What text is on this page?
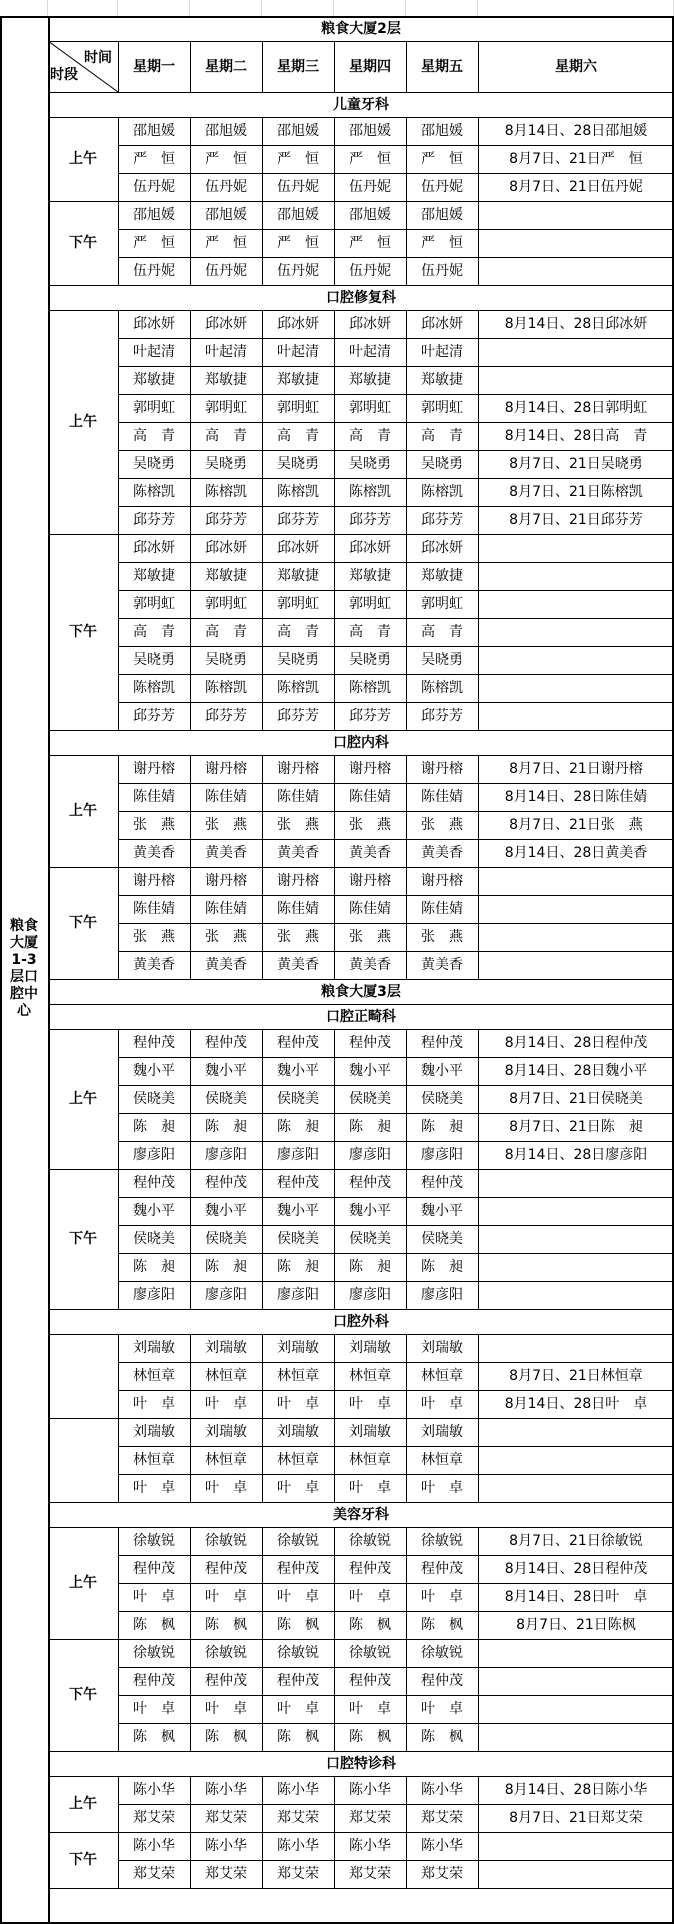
粮食大厦1-3层口腔中心
粮食大厦2层
时间
时段
星期一	星期二	星期三	星期四	星期五	星期六
儿童牙科
上午
邵旭媛	邵旭媛	邵旭媛	邵旭媛	邵旭媛	8月14日、28日邵旭媛
严　恒	严　恒	严　恒	严　恒	严　恒	8月7日、21日严　恒
伍丹妮	伍丹妮	伍丹妮	伍丹妮	伍丹妮	8月7日、21日伍丹妮
下午
邵旭媛	邵旭媛	邵旭媛	邵旭媛	邵旭媛
严　恒	严　恒	严　恒	严　恒	严　恒
伍丹妮	伍丹妮	伍丹妮	伍丹妮	伍丹妮
口腔修复科
上午
邱冰妍	邱冰妍	邱冰妍	邱冰妍	邱冰妍	8月14日、28日邱冰妍
叶起清	叶起清	叶起清	叶起清	叶起清
郑敏捷	郑敏捷	郑敏捷	郑敏捷	郑敏捷
郭明虹	郭明虹	郭明虹	郭明虹	郭明虹	8月14日、28日郭明虹
高　青	高　青	高　青	高　青	高　青	8月14日、28日高　青
吴晓勇	吴晓勇	吴晓勇	吴晓勇	吴晓勇	8月7日、21日吴晓勇
陈榕凯	陈榕凯	陈榕凯	陈榕凯	陈榕凯	8月7日、21日陈榕凯
邱芬芳	邱芬芳	邱芬芳	邱芬芳	邱芬芳	8月7日、21日邱芬芳
下午
邱冰妍	邱冰妍	邱冰妍	邱冰妍	邱冰妍
郑敏捷	郑敏捷	郑敏捷	郑敏捷	郑敏捷
郭明虹	郭明虹	郭明虹	郭明虹	郭明虹
高　青	高　青	高　青	高　青	高　青
吴晓勇	吴晓勇	吴晓勇	吴晓勇	吴晓勇
陈榕凯	陈榕凯	陈榕凯	陈榕凯	陈榕凯
邱芬芳	邱芬芳	邱芬芳	邱芬芳	邱芬芳
口腔内科
上午
谢丹榕	谢丹榕	谢丹榕	谢丹榕	谢丹榕	8月7日、21日谢丹榕
陈佳婧	陈佳婧	陈佳婧	陈佳婧	陈佳婧	8月14日、28日陈佳婧
张　燕	张　燕	张　燕	张　燕	张　燕	8月7日、21日张　燕
黄美香	黄美香	黄美香	黄美香	黄美香	8月14日、28日黄美香
下午
谢丹榕	谢丹榕	谢丹榕	谢丹榕	谢丹榕
陈佳婧	陈佳婧	陈佳婧	陈佳婧	陈佳婧
张　燕	张　燕	张　燕	张　燕	张　燕
黄美香	黄美香	黄美香	黄美香	黄美香
粮食大厦3层
口腔正畸科
上午
程仲茂	程仲茂	程仲茂	程仲茂	程仲茂	8月14日、28日程仲茂
魏小平	魏小平	魏小平	魏小平	魏小平	8月14日、28日魏小平
侯晓美	侯晓美	侯晓美	侯晓美	侯晓美	8月7日、21日侯晓美
陈　昶	陈　昶	陈　昶	陈　昶	陈　昶	8月7日、21日陈　昶
廖彦阳	廖彦阳	廖彦阳	廖彦阳	廖彦阳	8月14日、28日廖彦阳
下午
程仲茂	程仲茂	程仲茂	程仲茂	程仲茂
魏小平	魏小平	魏小平	魏小平	魏小平
侯晓美	侯晓美	侯晓美	侯晓美	侯晓美
陈　昶	陈　昶	陈　昶	陈　昶	陈　昶
廖彦阳	廖彦阳	廖彦阳	廖彦阳	廖彦阳
口腔外科
刘瑞敏	刘瑞敏	刘瑞敏	刘瑞敏	刘瑞敏
林恒章	林恒章	林恒章	林恒章	林恒章	8月7日、21日林恒章
叶　卓	叶　卓	叶　卓	叶　卓	叶　卓	8月14日、28日叶　卓
刘瑞敏	刘瑞敏	刘瑞敏	刘瑞敏	刘瑞敏
林恒章	林恒章	林恒章	林恒章	林恒章
叶　卓	叶　卓	叶　卓	叶　卓	叶　卓
美容牙科
上午
徐敏锐	徐敏锐	徐敏锐	徐敏锐	徐敏锐	8月7日、21日徐敏锐
程仲茂	程仲茂	程仲茂	程仲茂	程仲茂	8月14日、28日程仲茂
叶　卓	叶　卓	叶　卓	叶　卓	叶　卓	8月14日、28日叶　卓
陈　枫	陈　枫	陈　枫	陈　枫	陈　枫	8月7日、21日陈枫
下午
徐敏锐	徐敏锐	徐敏锐	徐敏锐	徐敏锐
程仲茂	程仲茂	程仲茂	程仲茂	程仲茂
叶　卓	叶　卓	叶　卓	叶　卓	叶　卓
陈　枫	陈　枫	陈　枫	陈　枫	陈　枫
口腔特诊科
上午
陈小华	陈小华	陈小华	陈小华	陈小华	8月14日、28日陈小华
郑艾荣	郑艾荣	郑艾荣	郑艾荣	郑艾荣	8月7日、21日郑艾荣
下午
陈小华	陈小华	陈小华	陈小华	陈小华
郑艾荣	郑艾荣	郑艾荣	郑艾荣	郑艾荣
